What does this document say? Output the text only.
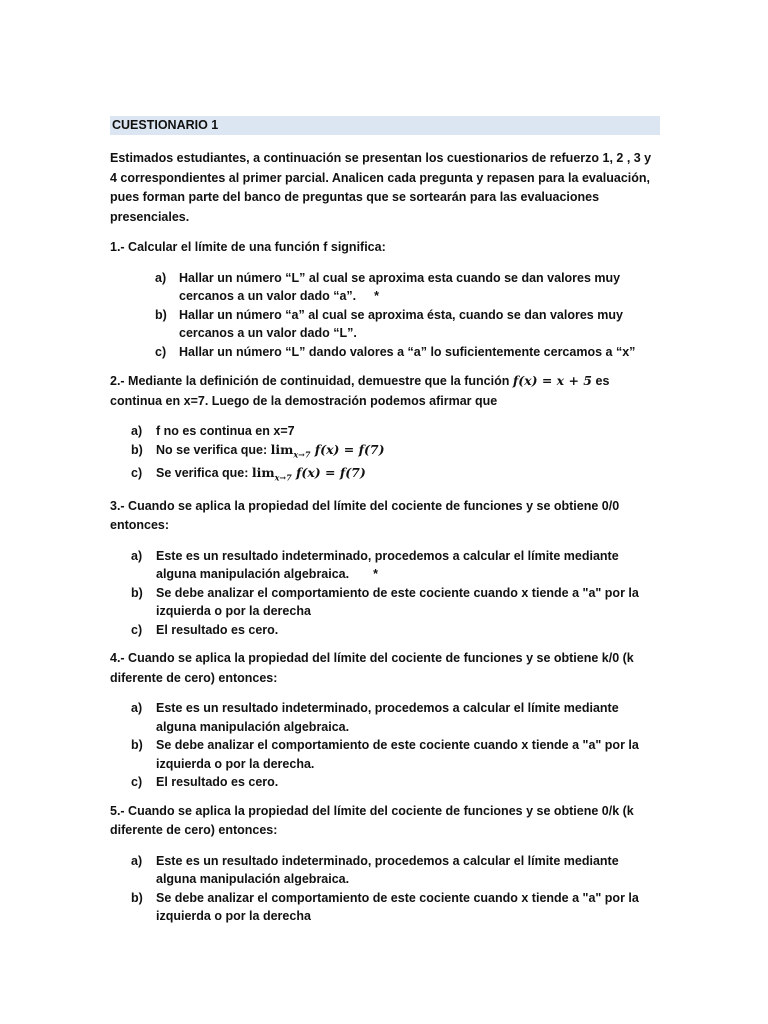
CUESTIONARIO 1

Estimados estudiantes, a continuación se presentan los cuestionarios de refuerzo 1, 2 , 3 y 4 correspondientes al primer parcial. Analicen cada pregunta y repasen para la evaluación, pues forman parte del banco de preguntas que se sortearán para las evaluaciones presenciales.

1.- Calcular el límite de una función f significa:

a)	Hallar un número “L” al cual se aproxima esta cuando se dan valores muy cercanos a un valor dado “a”. *
b) Hallar un número “a” al cual se aproxima ésta, cuando se dan valores muy cercanos a un valor dado “L”.
c)	Hallar un número “L” dando valores a “a” lo suficientemente cercamos a “x”

2.- Mediante la definición de continuidad, demuestre que la función f(x) = x + 5 es continua en x=7. Luego de la demostración podemos afirmar que

a)	f no es continua en x=7
b)	No se verifica que: $\lim_{x\to 7} f(x) = f(7)$
c)	Se verifica que: $\lim_{x\to 7} f(x) = f(7)$

3.- Cuando se aplica la propiedad del límite del cociente de funciones y se obtiene 0/0 entonces:

a)	Este es un resultado indeterminado, procedemos a calcular el límite mediante alguna manipulación algebraica. *
b)	Se debe analizar el comportamiento de este cociente cuando x tiende a "a" por la izquierda o por la derecha
c)	El resultado es cero.

4.- Cuando se aplica la propiedad del límite del cociente de funciones y se obtiene k/0 (k diferente de cero) entonces:

a)	Este es un resultado indeterminado, procedemos a calcular el límite mediante alguna manipulación algebraica.
b)	Se debe analizar el comportamiento de este cociente cuando x tiende a "a" por la izquierda o por la derecha.
c)	El resultado es cero.

5.- Cuando se aplica la propiedad del límite del cociente de funciones y se obtiene 0/k (k diferente de cero) entonces:

a)	Este es un resultado indeterminado, procedemos a calcular el límite mediante alguna manipulación algebraica.
b)	Se debe analizar el comportamiento de este cociente cuando x tiende a "a" por la izquierda o por la derecha
